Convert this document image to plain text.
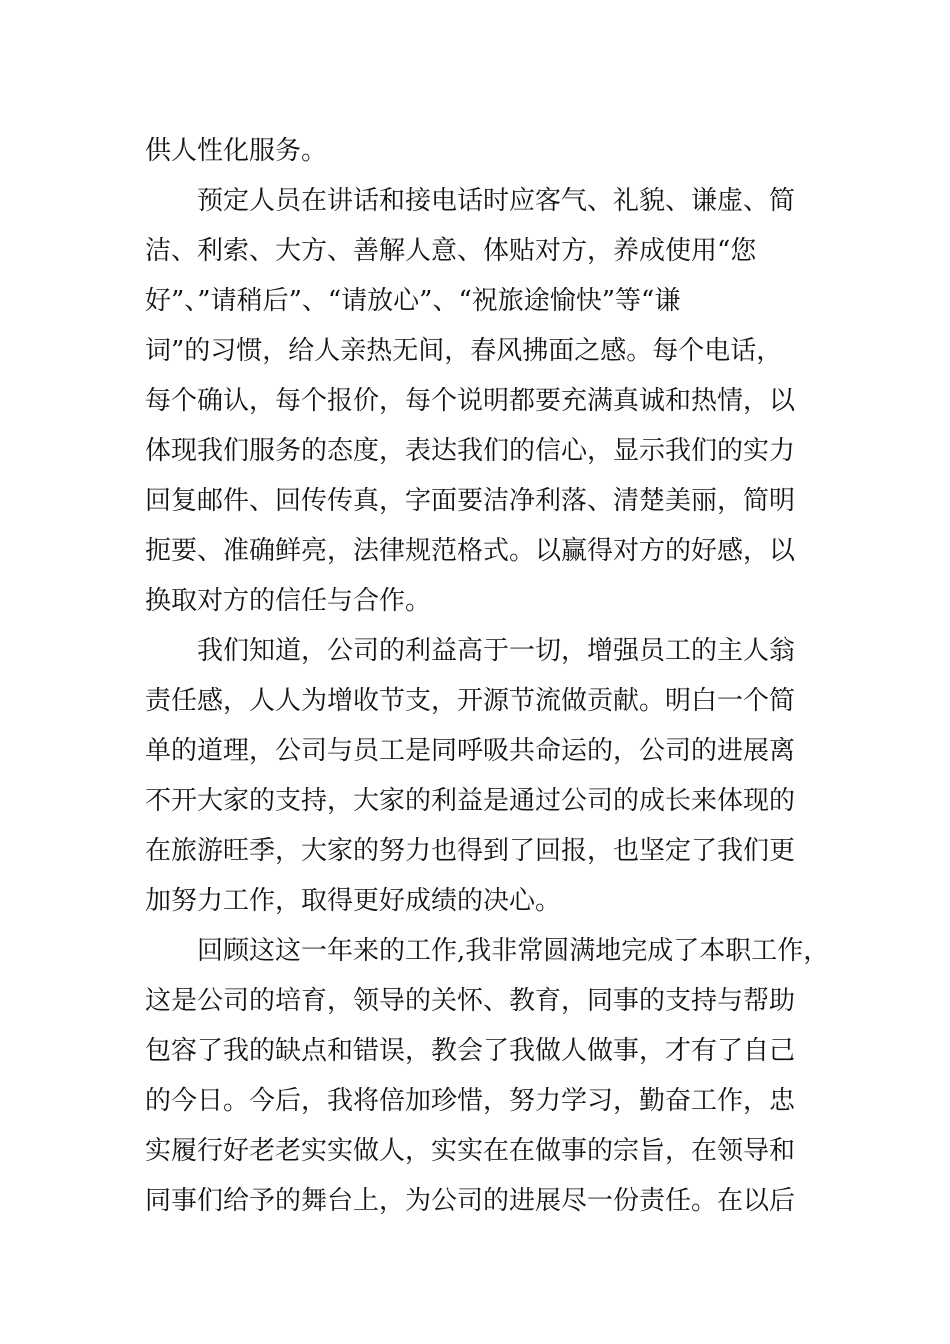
供人性化服务。
预定人员在讲话和接电话时应客气、礼貌、谦虚、简
洁、利索、大方、善解人意、体贴对方，养成使用“您
好”、”请稍后”、“请放心”、“祝旅途愉快”等“谦
词”的习惯，给人亲热无间，春风拂面之感。每个电话，
每个确认，每个报价，每个说明都要充满真诚和热情，以
体现我们服务的态度，表达我们的信心，显示我们的实力
回复邮件、回传传真，字面要洁净利落、清楚美丽，简明
扼要、准确鲜亮，法律规范格式。以赢得对方的好感，以
换取对方的信任与合作。
我们知道，公司的利益高于一切，增强员工的主人翁
责任感，人人为增收节支，开源节流做贡献。明白一个简
单的道理，公司与员工是同呼吸共命运的，公司的进展离
不开大家的支持，大家的利益是通过公司的成长来体现的
在旅游旺季，大家的努力也得到了回报，也坚定了我们更
加努力工作，取得更好成绩的决心。
回顾这这一年来的工作,我非常圆满地完成了本职工作，
这是公司的培育，领导的关怀、教育，同事的支持与帮助
包容了我的缺点和错误，教会了我做人做事，才有了自己
的今日。今后，我将倍加珍惜，努力学习，勤奋工作，忠
实履行好老老实实做人，实实在在做事的宗旨，在领导和
同事们给予的舞台上，为公司的进展尽一份责任。在以后
